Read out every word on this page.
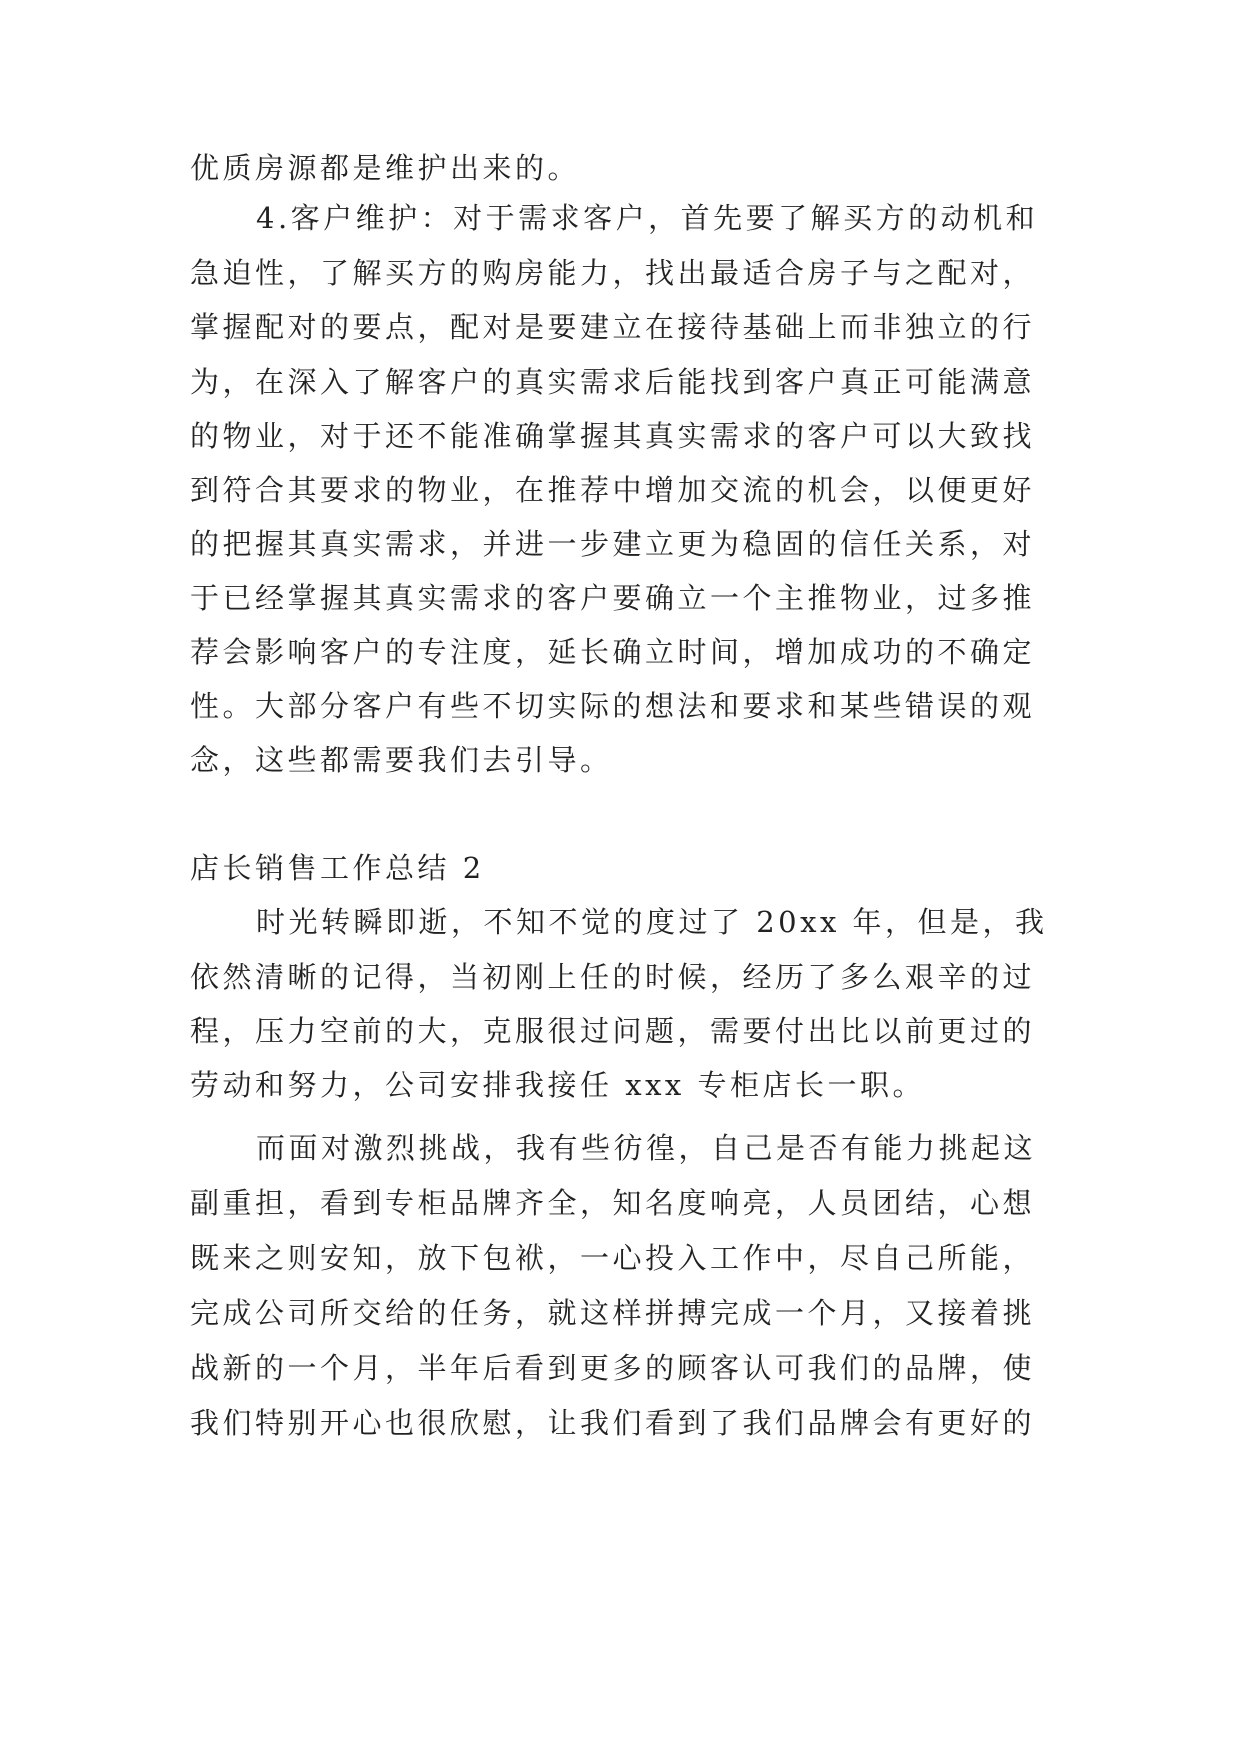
优质房源都是维护出来的。
4.客户维护：对于需求客户，首先要了解买方的动机和
急迫性，了解买方的购房能力，找出最适合房子与之配对，
掌握配对的要点，配对是要建立在接待基础上而非独立的行
为，在深入了解客户的真实需求后能找到客户真正可能满意
的物业，对于还不能准确掌握其真实需求的客户可以大致找
到符合其要求的物业，在推荐中增加交流的机会，以便更好
的把握其真实需求，并进一步建立更为稳固的信任关系，对
于已经掌握其真实需求的客户要确立一个主推物业，过多推
荐会影响客户的专注度，延长确立时间，增加成功的不确定
性。大部分客户有些不切实际的想法和要求和某些错误的观
念，这些都需要我们去引导。
店长销售工作总结 2
时光转瞬即逝，不知不觉的度过了 20xx 年，但是，我
依然清晰的记得，当初刚上任的时候，经历了多么艰辛的过
程，压力空前的大，克服很过问题，需要付出比以前更过的
劳动和努力，公司安排我接任 xxx 专柜店长一职。
而面对激烈挑战，我有些彷徨，自己是否有能力挑起这
副重担，看到专柜品牌齐全，知名度响亮，人员团结，心想
既来之则安知，放下包袱，一心投入工作中，尽自己所能，
完成公司所交给的任务，就这样拼搏完成一个月，又接着挑
战新的一个月，半年后看到更多的顾客认可我们的品牌，使
我们特别开心也很欣慰，让我们看到了我们品牌会有更好的
